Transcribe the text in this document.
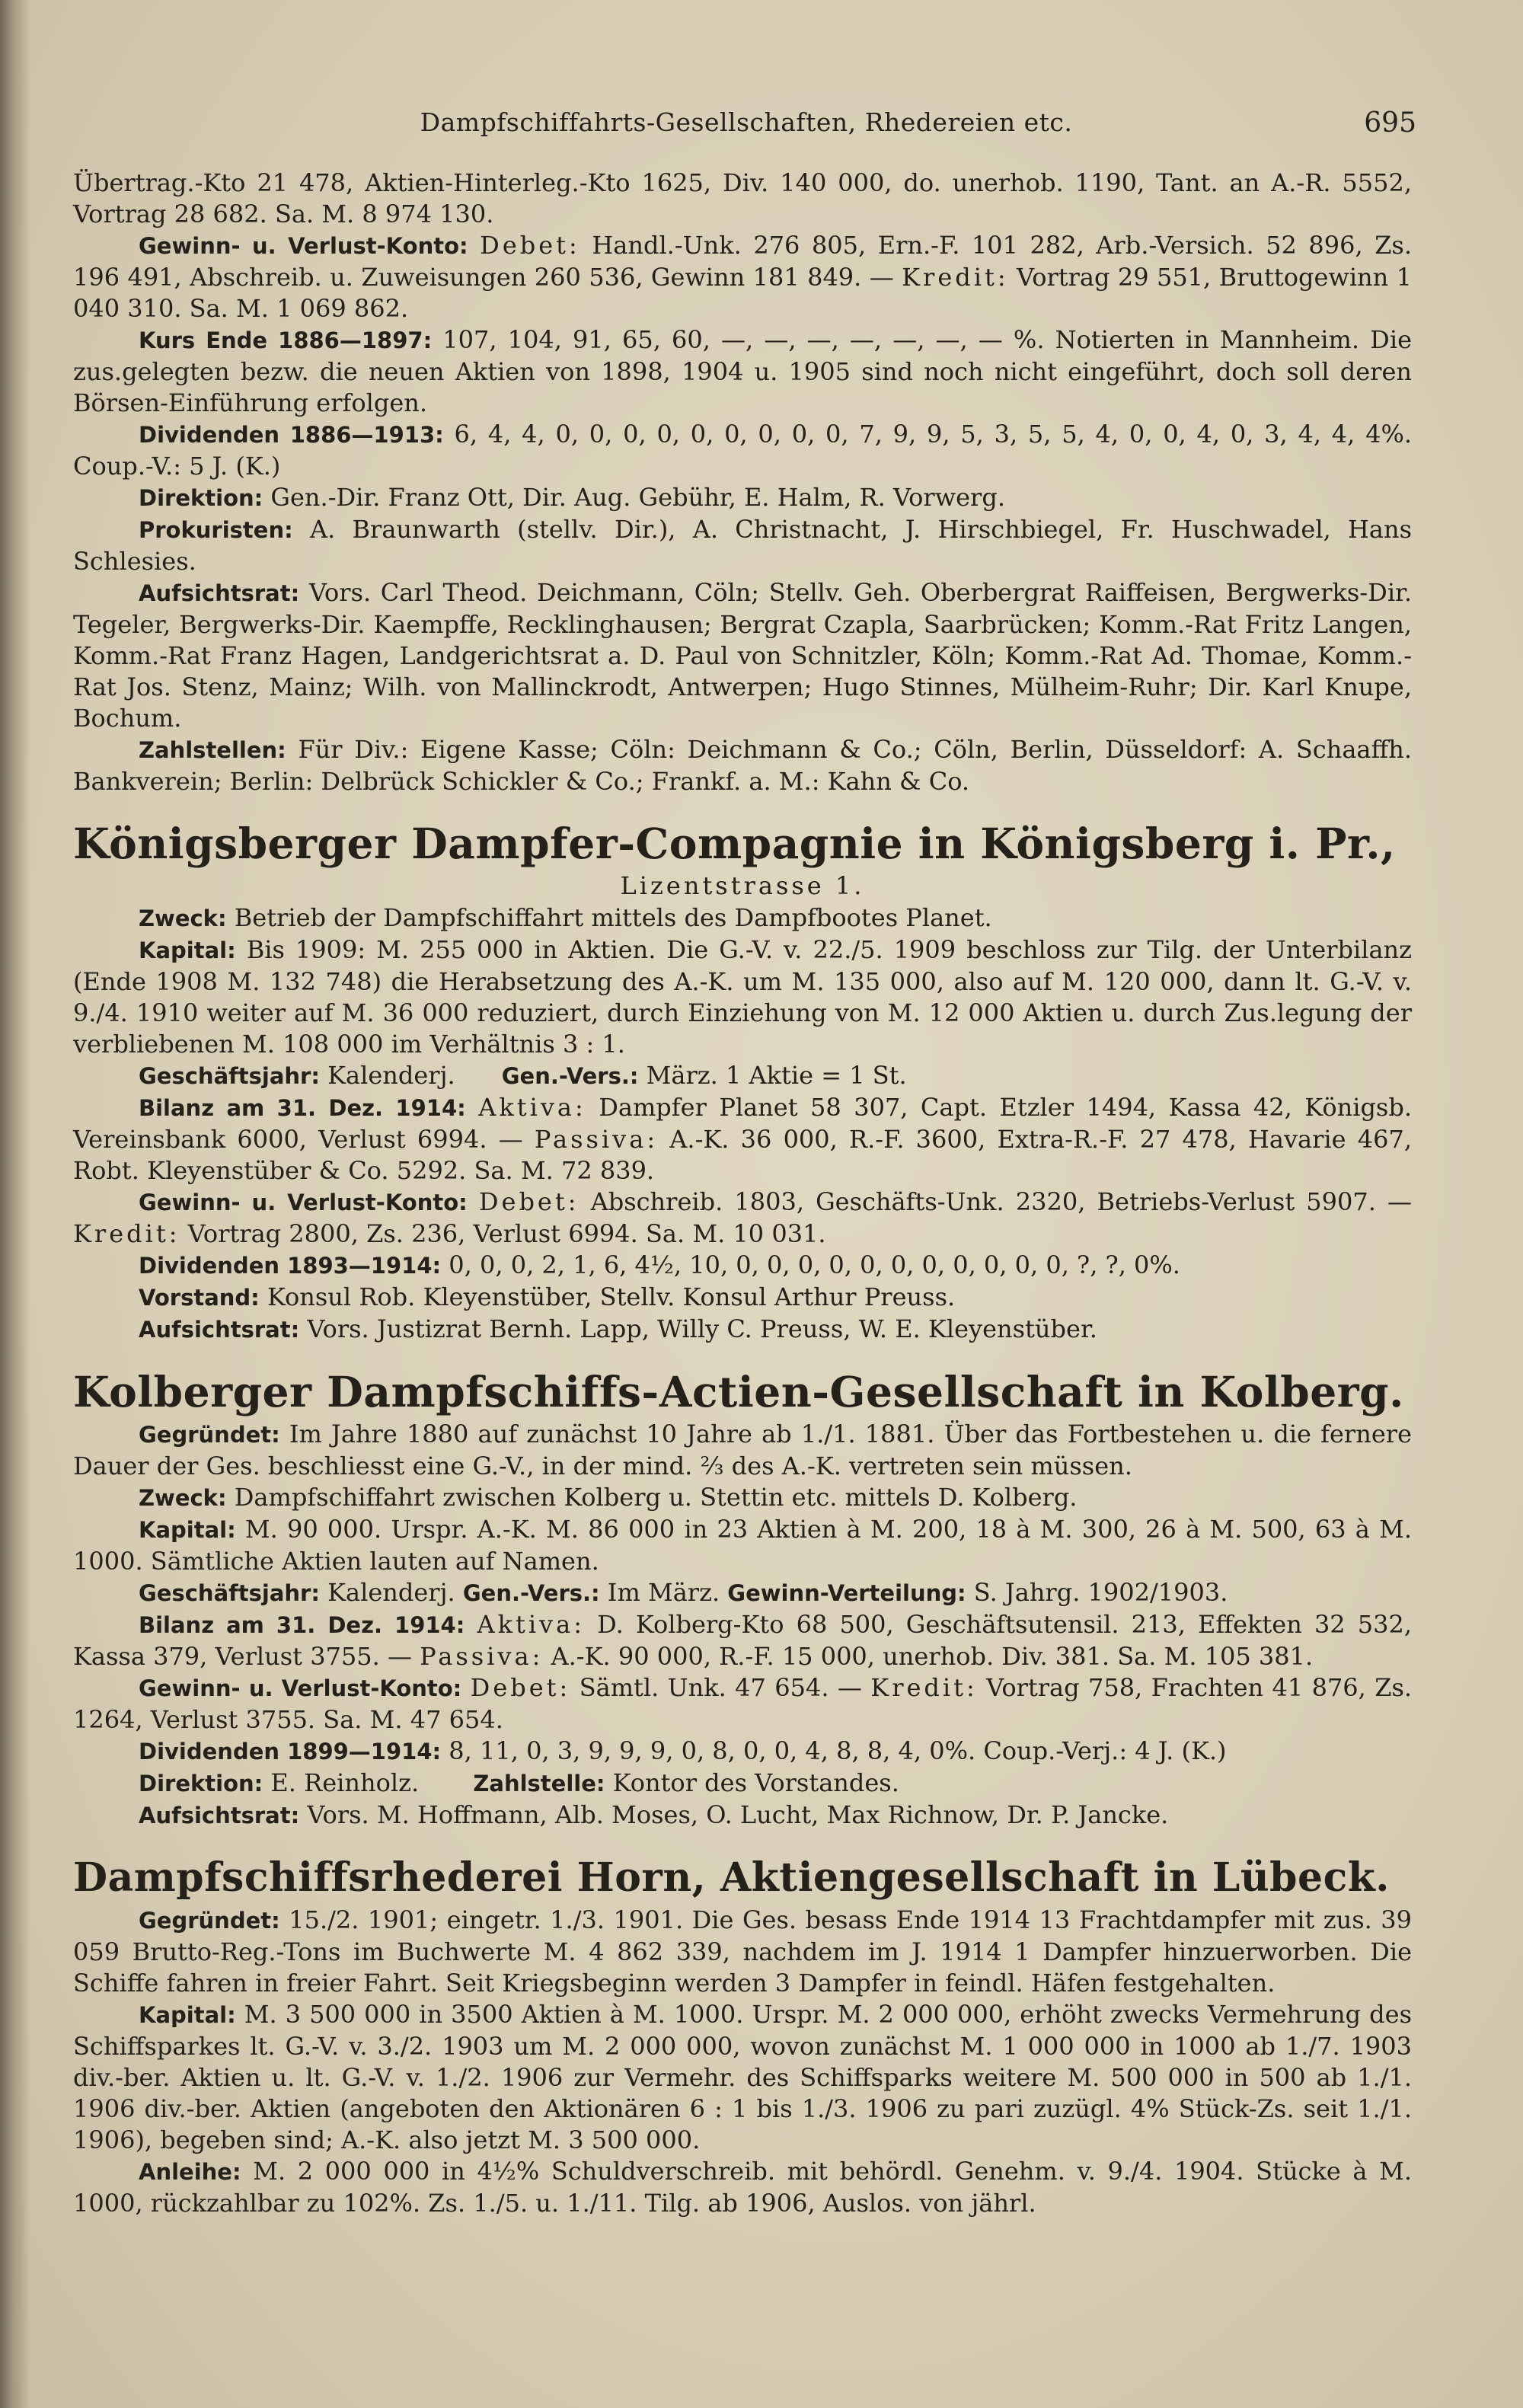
Dampfschiffahrts-Gesellschaften, Rhedereien etc.	695

Übertrag.-Kto 21 478, Aktien-Hinterleg.-Kto 1625, Div. 140 000, do. unerhob. 1190, Tant. an A.-R. 5552, Vortrag 28 682. Sa. M. 8 974 130.

Gewinn- u. Verlust-Konto: Debet: Handl.-Unk. 276 805, Ern.-F. 101 282, Arb.-Versich. 52 896, Zs. 196 491, Abschreib. u. Zuweisungen 260 536, Gewinn 181 849. — Kredit: Vortrag 29 551, Bruttogewinn 1 040 310. Sa. M. 1 069 862.

Kurs Ende 1886—1897: 107, 104, 91, 65, 60, —, —, —, —, —, —, — %. Notierten in Mannheim. Die zus.gelegten bezw. die neuen Aktien von 1898, 1904 u. 1905 sind noch nicht eingeführt, doch soll deren Börsen-Einführung erfolgen.

Dividenden 1886—1913: 6, 4, 4, 0, 0, 0, 0, 0, 0, 0, 0, 0, 7, 9, 9, 5, 3, 5, 5, 4, 0, 0, 4, 0, 3, 4, 4, 4%. Coup.-V.: 5 J. (K.)

Direktion: Gen.-Dir. Franz Ott, Dir. Aug. Gebühr, E. Halm, R. Vorwerg.

Prokuristen: A. Braunwarth (stellv. Dir.), A. Christnacht, J. Hirschbiegel, Fr. Huschwadel, Hans Schlesies.

Aufsichtsrat: Vors. Carl Theod. Deichmann, Cöln; Stellv. Geh. Oberbergrat Raiffeisen, Bergwerks-Dir. Tegeler, Bergwerks-Dir. Kaempffe, Recklinghausen; Bergrat Czapla, Saarbrücken; Komm.-Rat Fritz Langen, Komm.-Rat Franz Hagen, Landgerichtsrat a. D. Paul von Schnitzler, Köln; Komm.-Rat Ad. Thomae, Komm.-Rat Jos. Stenz, Mainz; Wilh. von Mallinckrodt, Antwerpen; Hugo Stinnes, Mülheim-Ruhr; Dir. Karl Knupe, Bochum.

Zahlstellen: Für Div.: Eigene Kasse; Cöln: Deichmann & Co.; Cöln, Berlin, Düsseldorf: A. Schaaffh. Bankverein; Berlin: Delbrück Schickler & Co.; Frankf. a. M.: Kahn & Co.

Königsberger Dampfer-Compagnie in Königsberg i. Pr.,
Lizentstrasse 1.

Zweck: Betrieb der Dampfschiffahrt mittels des Dampfbootes Planet.

Kapital: Bis 1909: M. 255 000 in Aktien. Die G.-V. v. 22./5. 1909 beschloss zur Tilg. der Unterbilanz (Ende 1908 M. 132 748) die Herabsetzung des A.-K. um M. 135 000, also auf M. 120 000, dann lt. G.-V. v. 9./4. 1910 weiter auf M. 36 000 reduziert, durch Einziehung von M. 12 000 Aktien u. durch Zus.legung der verbliebenen M. 108 000 im Verhältnis 3 : 1.

Geschäftsjahr: Kalenderj. Gen.-Vers.: März. 1 Aktie = 1 St.

Bilanz am 31. Dez. 1914: Aktiva: Dampfer Planet 58 307, Capt. Etzler 1494, Kassa 42, Königsb. Vereinsbank 6000, Verlust 6994. — Passiva: A.-K. 36 000, R.-F. 3600, Extra-R.-F. 27 478, Havarie 467, Robt. Kleyenstüber & Co. 5292. Sa. M. 72 839.

Gewinn- u. Verlust-Konto: Debet: Abschreib. 1803, Geschäfts-Unk. 2320, Betriebs-Verlust 5907. — Kredit: Vortrag 2800, Zs. 236, Verlust 6994. Sa. M. 10 031.

Dividenden 1893—1914: 0, 0, 0, 2, 1, 6, 4½, 10, 0, 0, 0, 0, 0, 0, 0, 0, 0, 0, 0, ?, ?, 0%.

Vorstand: Konsul Rob. Kleyenstüber, Stellv. Konsul Arthur Preuss.

Aufsichtsrat: Vors. Justizrat Bernh. Lapp, Willy C. Preuss, W. E. Kleyenstüber.

Kolberger Dampfschiffs-Actien-Gesellschaft in Kolberg.

Gegründet: Im Jahre 1880 auf zunächst 10 Jahre ab 1./1. 1881. Über das Fortbestehen u. die fernere Dauer der Ges. beschliesst eine G.-V., in der mind. ⅔ des A.-K. vertreten sein müssen.

Zweck: Dampfschiffahrt zwischen Kolberg u. Stettin etc. mittels D. Kolberg.

Kapital: M. 90 000. Urspr. A.-K. M. 86 000 in 23 Aktien à M. 200, 18 à M. 300, 26 à M. 500, 63 à M. 1000. Sämtliche Aktien lauten auf Namen.

Geschäftsjahr: Kalenderj. Gen.-Vers.: Im März. Gewinn-Verteilung: S. Jahrg. 1902/1903.

Bilanz am 31. Dez. 1914: Aktiva: D. Kolberg-Kto 68 500, Geschäftsutensil. 213, Effekten 32 532, Kassa 379, Verlust 3755. — Passiva: A.-K. 90 000, R.-F. 15 000, unerhob. Div. 381. Sa. M. 105 381.

Gewinn- u. Verlust-Konto: Debet: Sämtl. Unk. 47 654. — Kredit: Vortrag 758, Frachten 41 876, Zs. 1264, Verlust 3755. Sa. M. 47 654.

Dividenden 1899—1914: 8, 11, 0, 3, 9, 9, 9, 0, 8, 0, 0, 4, 8, 8, 4, 0%. Coup.-Verj.: 4 J. (K.)

Direktion: E. Reinholz. Zahlstelle: Kontor des Vorstandes.

Aufsichtsrat: Vors. M. Hoffmann, Alb. Moses, O. Lucht, Max Richnow, Dr. P. Jancke.

Dampfschiffsrhederei Horn, Aktiengesellschaft in Lübeck.

Gegründet: 15./2. 1901; eingetr. 1./3. 1901. Die Ges. besass Ende 1914 13 Frachtdampfer mit zus. 39 059 Brutto-Reg.-Tons im Buchwerte M. 4 862 339, nachdem im J. 1914 1 Dampfer hinzuerworben. Die Schiffe fahren in freier Fahrt. Seit Kriegsbeginn werden 3 Dampfer in feindl. Häfen festgehalten.

Kapital: M. 3 500 000 in 3500 Aktien à M. 1000. Urspr. M. 2 000 000, erhöht zwecks Vermehrung des Schiffsparkes lt. G.-V. v. 3./2. 1903 um M. 2 000 000, wovon zunächst M. 1 000 000 in 1000 ab 1./7. 1903 div.-ber. Aktien u. lt. G.-V. v. 1./2. 1906 zur Vermehr. des Schiffsparks weitere M. 500 000 in 500 ab 1./1. 1906 div.-ber. Aktien (angeboten den Aktionären 6 : 1 bis 1./3. 1906 zu pari zuzügl. 4% Stück-Zs. seit 1./1. 1906), begeben sind; A.-K. also jetzt M. 3 500 000.

Anleihe: M. 2 000 000 in 4½% Schuldverschreib. mit behördl. Genehm. v. 9./4. 1904. Stücke à M. 1000, rückzahlbar zu 102%. Zs. 1./5. u. 1./11. Tilg. ab 1906, Auslos. von jährl.
